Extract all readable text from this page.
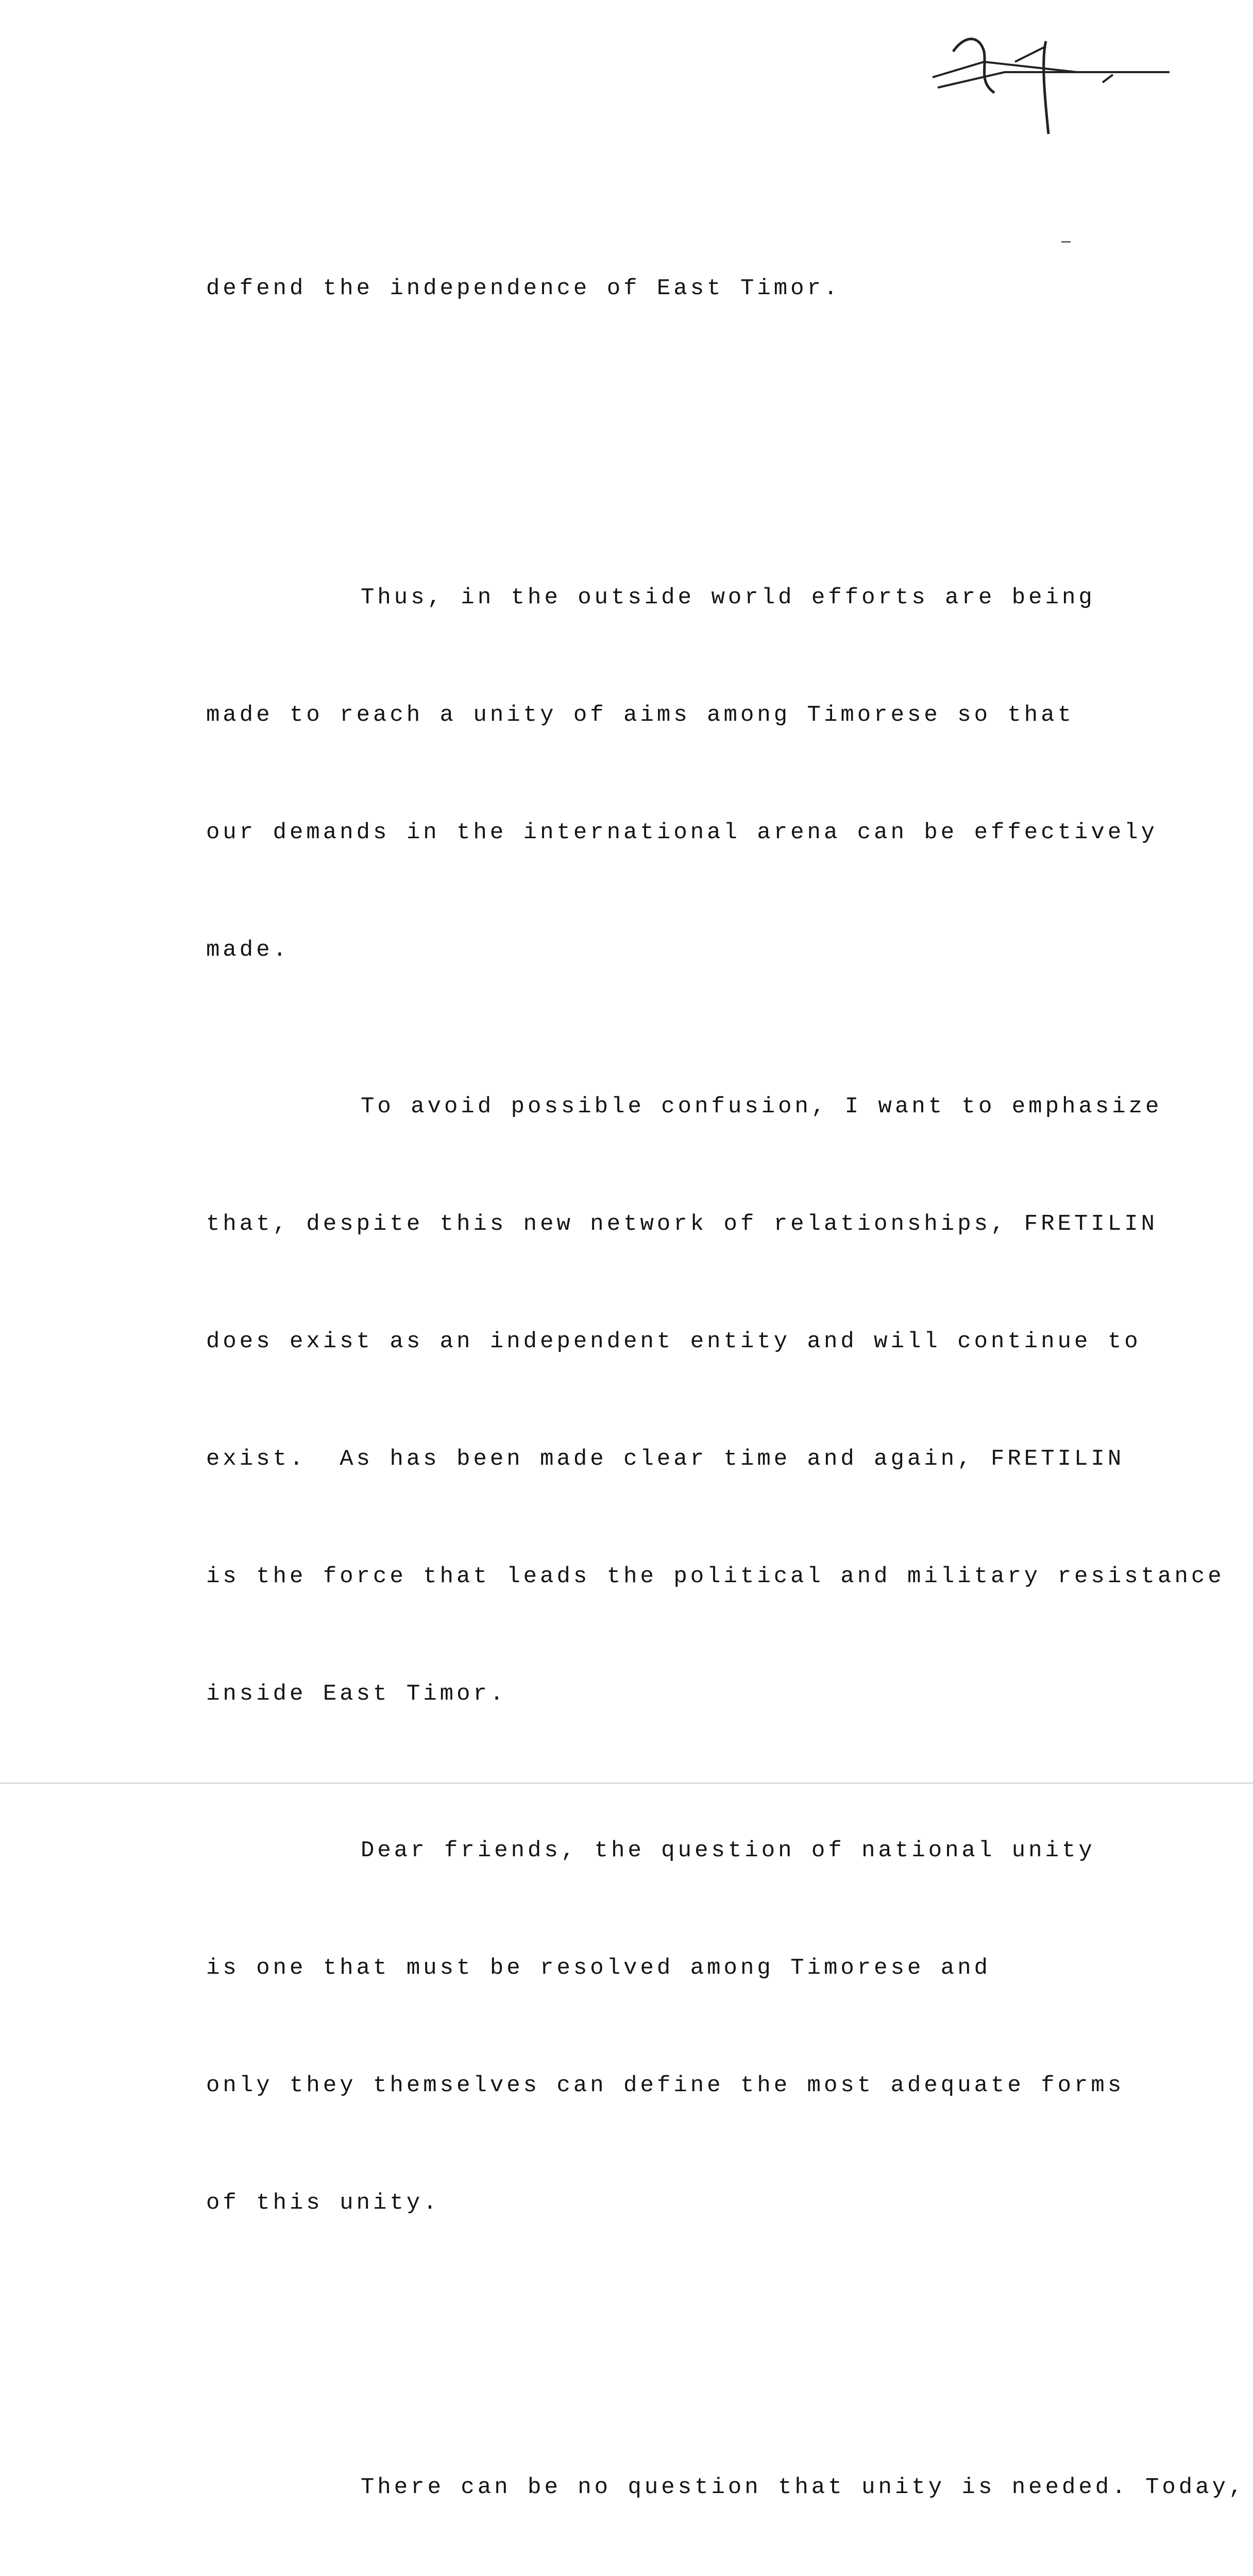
defend the independence of East Timor.

Thus, in the outside world efforts are being

made to reach a unity of aims among Timorese so that

our demands in the international arena can be effectively

made.

To avoid possible confusion, I want to emphasize

that, despite this new network of relationships, FRETILIN

does exist as an independent entity and will continue to

exist.  As has been made clear time and again, FRETILIN

is the force that leads the political and military resistance

inside East Timor.

Dear friends, the question of national unity

is one that must be resolved among Timorese and

only they themselves can define the most adequate forms

of this unity.

There can be no question that unity is needed. Today,
